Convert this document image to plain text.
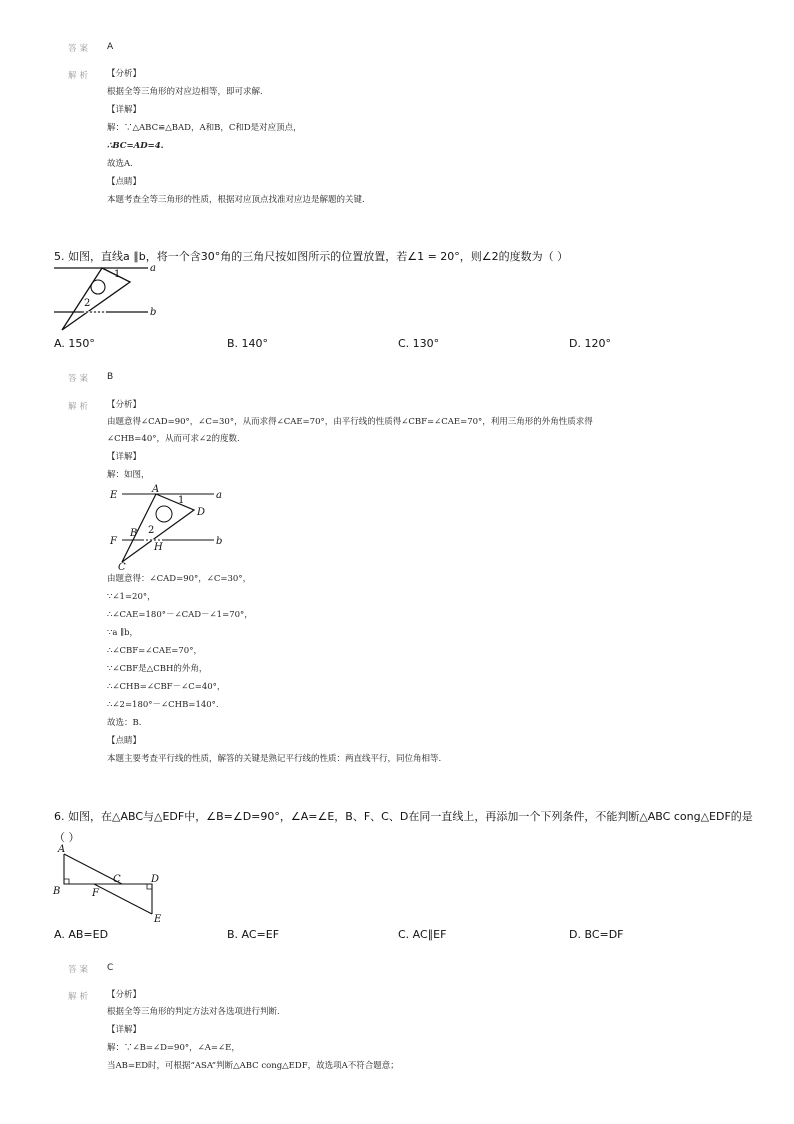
答案 A
解析 【分析】
根据全等三角形的对应边相等，即可求解.
【详解】
解：∵△ABC≌△BAD，A和B，C和D是对应顶点，
∴BC=AD=4.
故选A.
【点睛】
本题考查全等三角形的性质，根据对应顶点找准对应边是解题的关键.
5. 如图，直线a ∥b，将一个含30°角的三角尺按如图所示的位置放置，若∠1 = 20°，则∠2的度数为（ ）
a
b
1
2
A. 150°	B. 140°	C. 130°	D. 120°
答案 B
解析 【分析】
由题意得∠CAD=90°，∠C=30°，从而求得∠CAE=70°，由平行线的性质得∠CBF=∠CAE=70°，利用三角形的外角性质求得
∠CHB=40°，从而可求∠2的度数.
【详解】
解：如图，
E
A
1	a
D
B 2
F
H
b
C
由题意得：∠CAD=90°，∠C=30°，
∵∠1=20°，
∴∠CAE=180°－∠CAD－∠1=70°，
∵a ∥b，
∴∠CBF=∠CAE=70°，
∵∠CBF是△CBH的外角，
∴∠CHB=∠CBF－∠C=40°，
∴∠2=180°－∠CHB=140°.
故选：B.
【点睛】
本题主要考查平行线的性质，解答的关键是熟记平行线的性质：两直线平行，同位角相等.
6. 如图，在△ABC与△EDF中，∠B=∠D=90°，∠A=∠E，B、F、C、D在同一直线上，再添加一个下列条件，不能判断△ABC cong△EDF的是
（ ）
A
B	F
C	D
E
A. AB=ED	B. AC=EF	C. AC∥EF	D. BC=DF
答案 C
解析 【分析】
根据全等三角形的判定方法对各选项进行判断.
【详解】
解：∵∠B=∠D=90°，∠A=∠E，
当AB=ED时，可根据“ASA”判断△ABC cong△EDF，故选项A不符合题意；
